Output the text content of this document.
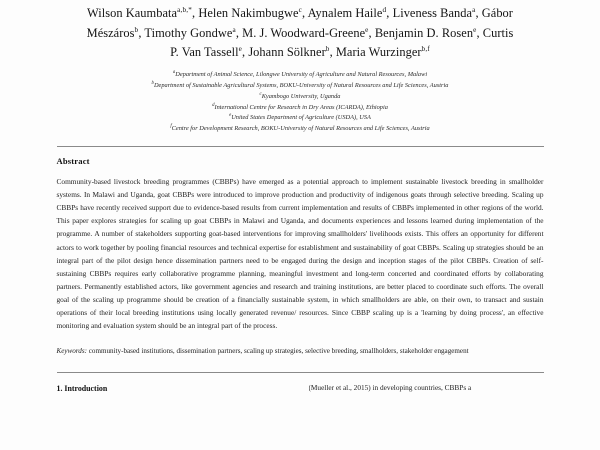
Wilson Kaumbata$^{a,b,*}$, Helen Nakimbugwe$^c$, Aynalem Haile$^d$, Liveness Banda$^a$, Gábor
Mészáros$^b$, Timothy Gondwe$^a$, M. J. Woodward-Greene$^e$, Benjamin D. Rosen$^e$, Curtis
P. Van Tassell$^e$, Johann Sölkner$^b$, Maria Wurzinger$^{b,f}$
$^a$Department of Animal Science, Lilongwe University of Agriculture and Natural Resources, Malawi
$^b$Department of Sustainable Agricultural Systems, BOKU-University of Natural Resources and Life Sciences, Austria
$^c$Kyambogo University, Uganda
$^d$International Centre for Research in Dry Areas (ICARDA), Ethiopia
$^e$United States Department of Agriculture (USDA), USA
$^f$Centre for Development Research, BOKU-University of Natural Resources and Life Sciences, Austria
Abstract

Community-based livestock breeding programmes (CBBPs) have emerged as a potential approach to implement sustainable livestock breeding in smallholder systems. In Malawi and Uganda, goat CBBPs were introduced to improve production and productivity of indigenous goats through selective breeding. Scaling up CBBPs have recently received support due to evidence-based results from current implementation and results of CBBPs implemented in other regions of the world. This paper explores strategies for scaling up goat CBBPs in Malawi and Uganda, and documents experiences and lessons learned during implementation of the programme. A number of stakeholders supporting goat-based interventions for improving smallholders' livelihoods exists. This offers an opportunity for different actors to work together by pooling financial resources and technical expertise for establishment and sustainability of goat CBBPs. Scaling up strategies should be an integral part of the pilot design hence dissemination partners need to be engaged during the design and inception stages of the pilot CBBPs. Creation of self-sustaining CBBPs requires early collaborative programme planning, meaningful investment and long-term concerted and coordinated efforts by collaborating partners. Permanently established actors, like government agencies and research and training institutions, are better placed to coordinate such efforts. The overall goal of the scaling up programme should be creation of a financially sustainable system, in which smallholders are able, on their own, to transact and sustain operations of their local breeding institutions using locally generated revenue/ resources. Since CBBP scaling up is a 'learning by doing process', an effective monitoring and evaluation system should be an integral part of the process.

Keywords: community-based institutions, dissemination partners, scaling up strategies, selective breeding, smallholders, stakeholder engagement
1. Introduction	(Mueller et al., 2015) in developing countries, CBBPs a
